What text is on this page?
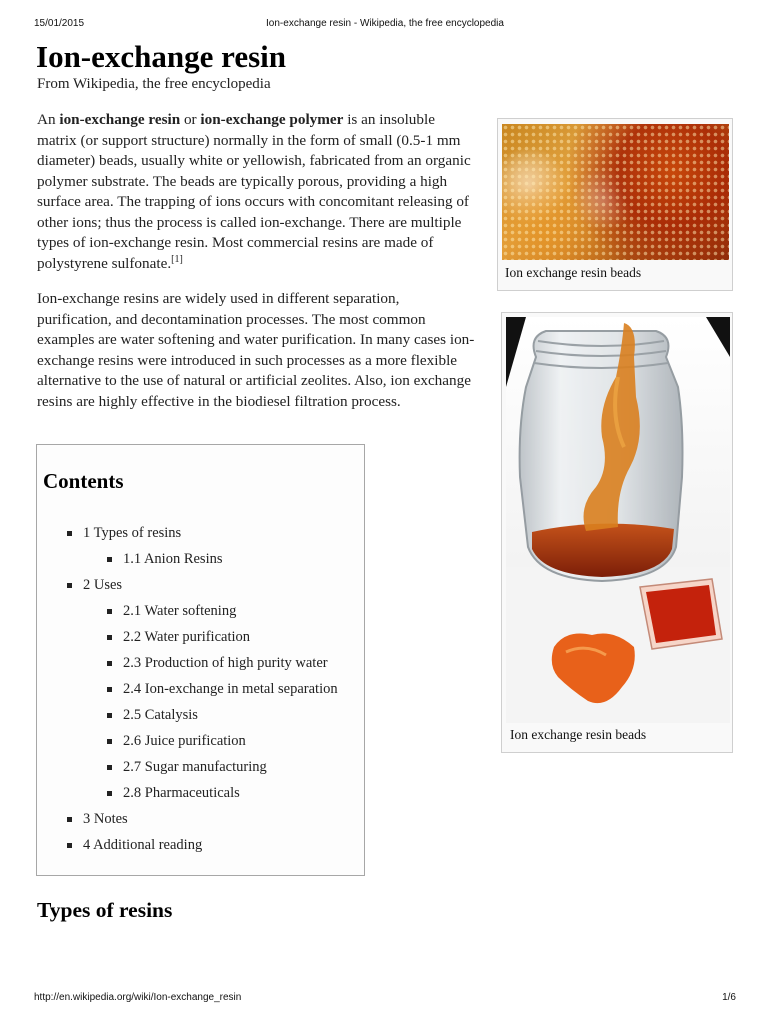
15/01/2015	Ion-exchange resin - Wikipedia, the free encyclopedia
Ion-exchange resin
From Wikipedia, the free encyclopedia

An ion-exchange resin or ion-exchange polymer is an insoluble matrix (or support structure) normally in the form of small (0.5-1 mm diameter) beads, usually white or yellowish, fabricated from an organic polymer substrate. The beads are typically porous, providing a high surface area. The trapping of ions occurs with concomitant releasing of other ions; thus the process is called ion-exchange. There are multiple types of ion-exchange resin. Most commercial resins are made of polystyrene sulfonate.[1]

Ion-exchange resins are widely used in different separation, purification, and decontamination processes. The most common examples are water softening and water purification. In many cases ion-exchange resins were introduced in such processes as a more flexible alternative to the use of natural or artificial zeolites. Also, ion exchange resins are highly effective in the biodiesel filtration process.

Contents
1 Types of resins
1.1 Anion Resins
2 Uses
2.1 Water softening
2.2 Water purification
2.3 Production of high purity water
2.4 Ion-exchange in metal separation
2.5 Catalysis
2.6 Juice purification
2.7 Sugar manufacturing
2.8 Pharmaceuticals
3 Notes
4 Additional reading
Types of resins
Ion exchange resin beads
Ion exchange resin beads
http://en.wikipedia.org/wiki/Ion-exchange_resin	1/6
